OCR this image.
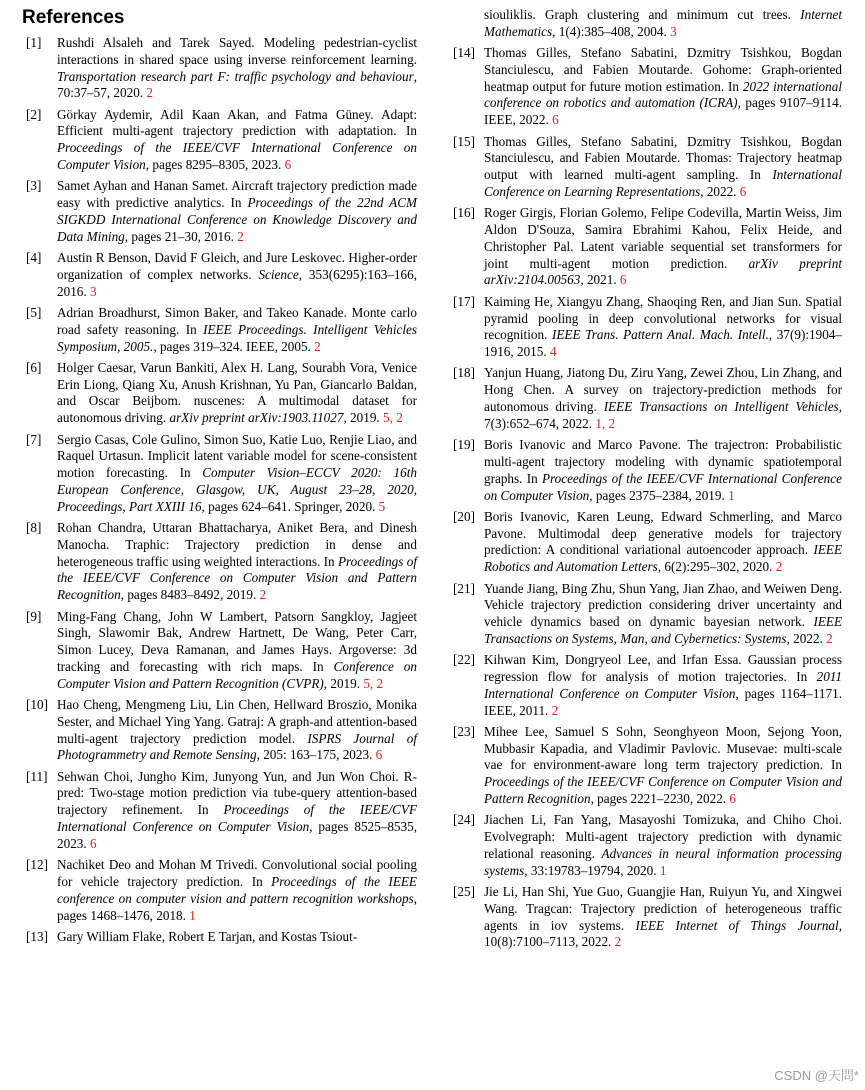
References
[1] Rushdi Alsaleh and Tarek Sayed. Modeling pedestrian-cyclist interactions in shared space using inverse reinforcement learning. Transportation research part F: traffic psychology and behaviour, 70:37–57, 2020. 2
[2] Görkay Aydemir, Adil Kaan Akan, and Fatma Güney. Adapt: Efficient multi-agent trajectory prediction with adaptation. In Proceedings of the IEEE/CVF International Conference on Computer Vision, pages 8295–8305, 2023. 6
[3] Samet Ayhan and Hanan Samet. Aircraft trajectory prediction made easy with predictive analytics. In Proceedings of the 22nd ACM SIGKDD International Conference on Knowledge Discovery and Data Mining, pages 21–30, 2016. 2
[4] Austin R Benson, David F Gleich, and Jure Leskovec. Higher-order organization of complex networks. Science, 353(6295):163–166, 2016. 3
[5] Adrian Broadhurst, Simon Baker, and Takeo Kanade. Monte carlo road safety reasoning. In IEEE Proceedings. Intelligent Vehicles Symposium, 2005., pages 319–324. IEEE, 2005. 2
[6] Holger Caesar, Varun Bankiti, Alex H. Lang, Sourabh Vora, Venice Erin Liong, Qiang Xu, Anush Krishnan, Yu Pan, Giancarlo Baldan, and Oscar Beijbom. nuscenes: A multimodal dataset for autonomous driving. arXiv preprint arXiv:1903.11027, 2019. 5, 2
[7] Sergio Casas, Cole Gulino, Simon Suo, Katie Luo, Renjie Liao, and Raquel Urtasun. Implicit latent variable model for scene-consistent motion forecasting. In Computer Vision–ECCV 2020: 16th European Conference, Glasgow, UK, August 23–28, 2020, Proceedings, Part XXIII 16, pages 624–641. Springer, 2020. 5
[8] Rohan Chandra, Uttaran Bhattacharya, Aniket Bera, and Dinesh Manocha. Traphic: Trajectory prediction in dense and heterogeneous traffic using weighted interactions. In Proceedings of the IEEE/CVF Conference on Computer Vision and Pattern Recognition, pages 8483–8492, 2019. 2
[9] Ming-Fang Chang, John W Lambert, Patsorn Sangkloy, Jagjeet Singh, Slawomir Bak, Andrew Hartnett, De Wang, Peter Carr, Simon Lucey, Deva Ramanan, and James Hays. Argoverse: 3d tracking and forecasting with rich maps. In Conference on Computer Vision and Pattern Recognition (CVPR), 2019. 5, 2
[10] Hao Cheng, Mengmeng Liu, Lin Chen, Hellward Broszio, Monika Sester, and Michael Ying Yang. Gatraj: A graph-and attention-based multi-agent trajectory prediction model. ISPRS Journal of Photogrammetry and Remote Sensing, 205: 163–175, 2023. 6
[11] Sehwan Choi, Jungho Kim, Junyong Yun, and Jun Won Choi. R-pred: Two-stage motion prediction via tube-query attention-based trajectory refinement. In Proceedings of the IEEE/CVF International Conference on Computer Vision, pages 8525–8535, 2023. 6
[12] Nachiket Deo and Mohan M Trivedi. Convolutional social pooling for vehicle trajectory prediction. In Proceedings of the IEEE conference on computer vision and pattern recognition workshops, pages 1468–1476, 2018. 1
[13] Gary William Flake, Robert E Tarjan, and Kostas Tsiout-
siouliklis. Graph clustering and minimum cut trees. Internet Mathematics, 1(4):385–408, 2004. 3
[14] Thomas Gilles, Stefano Sabatini, Dzmitry Tsishkou, Bogdan Stanciulescu, and Fabien Moutarde. Gohome: Graph-oriented heatmap output for future motion estimation. In 2022 international conference on robotics and automation (ICRA), pages 9107–9114. IEEE, 2022. 6
[15] Thomas Gilles, Stefano Sabatini, Dzmitry Tsishkou, Bogdan Stanciulescu, and Fabien Moutarde. Thomas: Trajectory heatmap output with learned multi-agent sampling. In International Conference on Learning Representations, 2022. 6
[16] Roger Girgis, Florian Golemo, Felipe Codevilla, Martin Weiss, Jim Aldon D'Souza, Samira Ebrahimi Kahou, Felix Heide, and Christopher Pal. Latent variable sequential set transformers for joint multi-agent motion prediction. arXiv preprint arXiv:2104.00563, 2021. 6
[17] Kaiming He, Xiangyu Zhang, Shaoqing Ren, and Jian Sun. Spatial pyramid pooling in deep convolutional networks for visual recognition. IEEE Trans. Pattern Anal. Mach. Intell., 37(9):1904–1916, 2015. 4
[18] Yanjun Huang, Jiatong Du, Ziru Yang, Zewei Zhou, Lin Zhang, and Hong Chen. A survey on trajectory-prediction methods for autonomous driving. IEEE Transactions on Intelligent Vehicles, 7(3):652–674, 2022. 1, 2
[19] Boris Ivanovic and Marco Pavone. The trajectron: Probabilistic multi-agent trajectory modeling with dynamic spatiotemporal graphs. In Proceedings of the IEEE/CVF International Conference on Computer Vision, pages 2375–2384, 2019. 1
[20] Boris Ivanovic, Karen Leung, Edward Schmerling, and Marco Pavone. Multimodal deep generative models for trajectory prediction: A conditional variational autoencoder approach. IEEE Robotics and Automation Letters, 6(2):295–302, 2020. 2
[21] Yuande Jiang, Bing Zhu, Shun Yang, Jian Zhao, and Weiwen Deng. Vehicle trajectory prediction considering driver uncertainty and vehicle dynamics based on dynamic bayesian network. IEEE Transactions on Systems, Man, and Cybernetics: Systems, 2022. 2
[22] Kihwan Kim, Dongryeol Lee, and Irfan Essa. Gaussian process regression flow for analysis of motion trajectories. In 2011 International Conference on Computer Vision, pages 1164–1171. IEEE, 2011. 2
[23] Mihee Lee, Samuel S Sohn, Seonghyeon Moon, Sejong Yoon, Mubbasir Kapadia, and Vladimir Pavlovic. Musevae: multi-scale vae for environment-aware long term trajectory prediction. In Proceedings of the IEEE/CVF Conference on Computer Vision and Pattern Recognition, pages 2221–2230, 2022. 6
[24] Jiachen Li, Fan Yang, Masayoshi Tomizuka, and Chiho Choi. Evolvegraph: Multi-agent trajectory prediction with dynamic relational reasoning. Advances in neural information processing systems, 33:19783–19794, 2020. 1
[25] Jie Li, Han Shi, Yue Guo, Guangjie Han, Ruiyun Yu, and Xingwei Wang. Tragcan: Trajectory prediction of heterogeneous traffic agents in iov systems. IEEE Internet of Things Journal, 10(8):7100–7113, 2022. 2
CSDN @天問*
